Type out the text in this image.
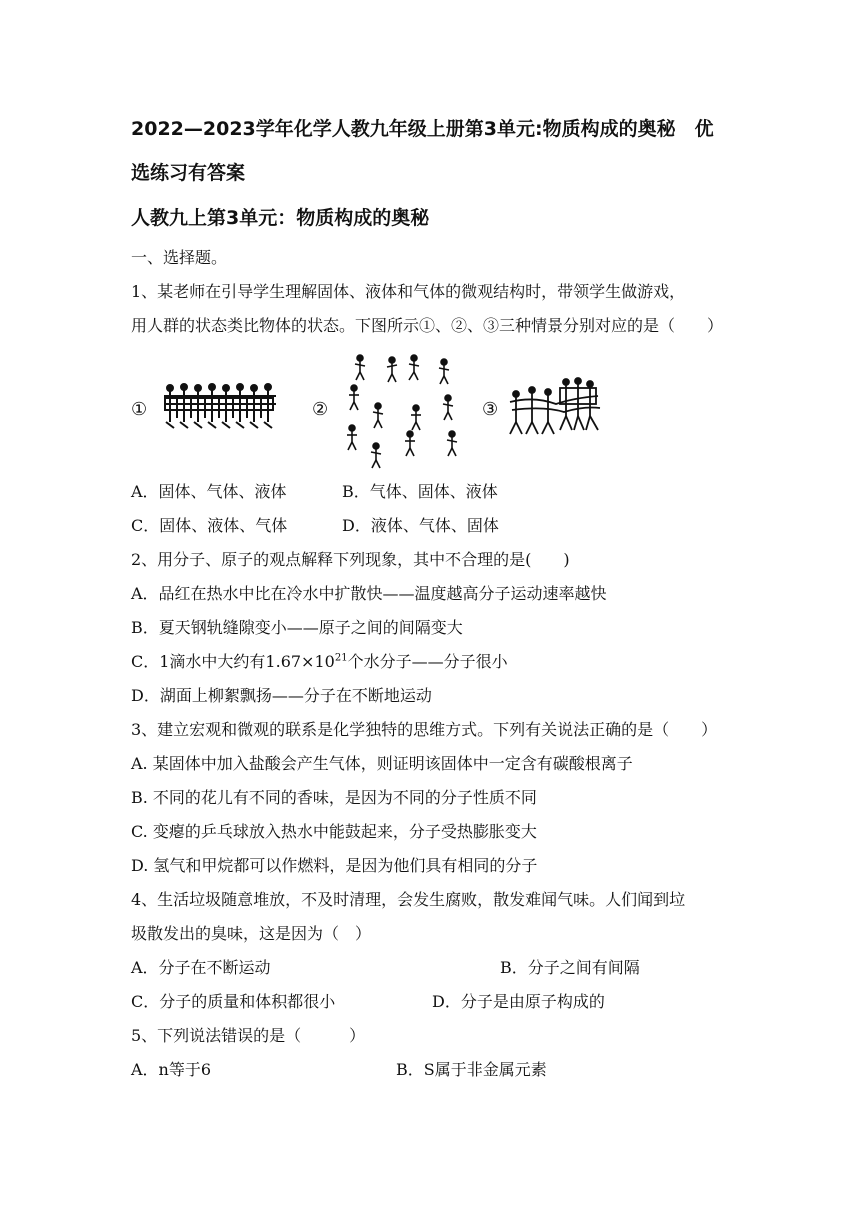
2022—2023学年化学人教九年级上册第3单元:物质构成的奥秘　优
选练习有答案
人教九上第3单元：物质构成的奥秘
一、选择题。
1、某老师在引导学生理解固体、液体和气体的微观结构时，带领学生做游戏，
用人群的状态类比物体的状态。下图所示①、②、③三种情景分别对应的是（　　）
①	②	③
A．固体、气体、液体	B．气体、固体、液体
C．固体、液体、气体	D．液体、气体、固体
2、用分子、原子的观点解释下列现象，其中不合理的是(　　)
A．品红在热水中比在冷水中扩散快——温度越高分子运动速率越快
B．夏天钢轨缝隙变小——原子之间的间隔变大
C．1滴水中大约有$1.67\times 10^{21}$个水分子——分子很小
D．湖面上柳絮飘扬——分子在不断地运动
3、建立宏观和微观的联系是化学独特的思维方式。下列有关说法正确的是（　　）
A. 某固体中加入盐酸会产生气体，则证明该固体中一定含有碳酸根离子
B. 不同的花儿有不同的香味，是因为不同的分子性质不同
C. 变瘪的乒乓球放入热水中能鼓起来，分子受热膨胀变大
D. 氢气和甲烷都可以作燃料，是因为他们具有相同的分子
4、生活垃圾随意堆放，不及时清理，会发生腐败，散发难闻气味。人们闻到垃
圾散发出的臭味，这是因为（　）
A．分子在不断运动	B．分子之间有间隔
C．分子的质量和体积都很小	D．分子是由原子构成的
5、下列说法错误的是（　　　）
A．n等于6	B．S属于非金属元素
